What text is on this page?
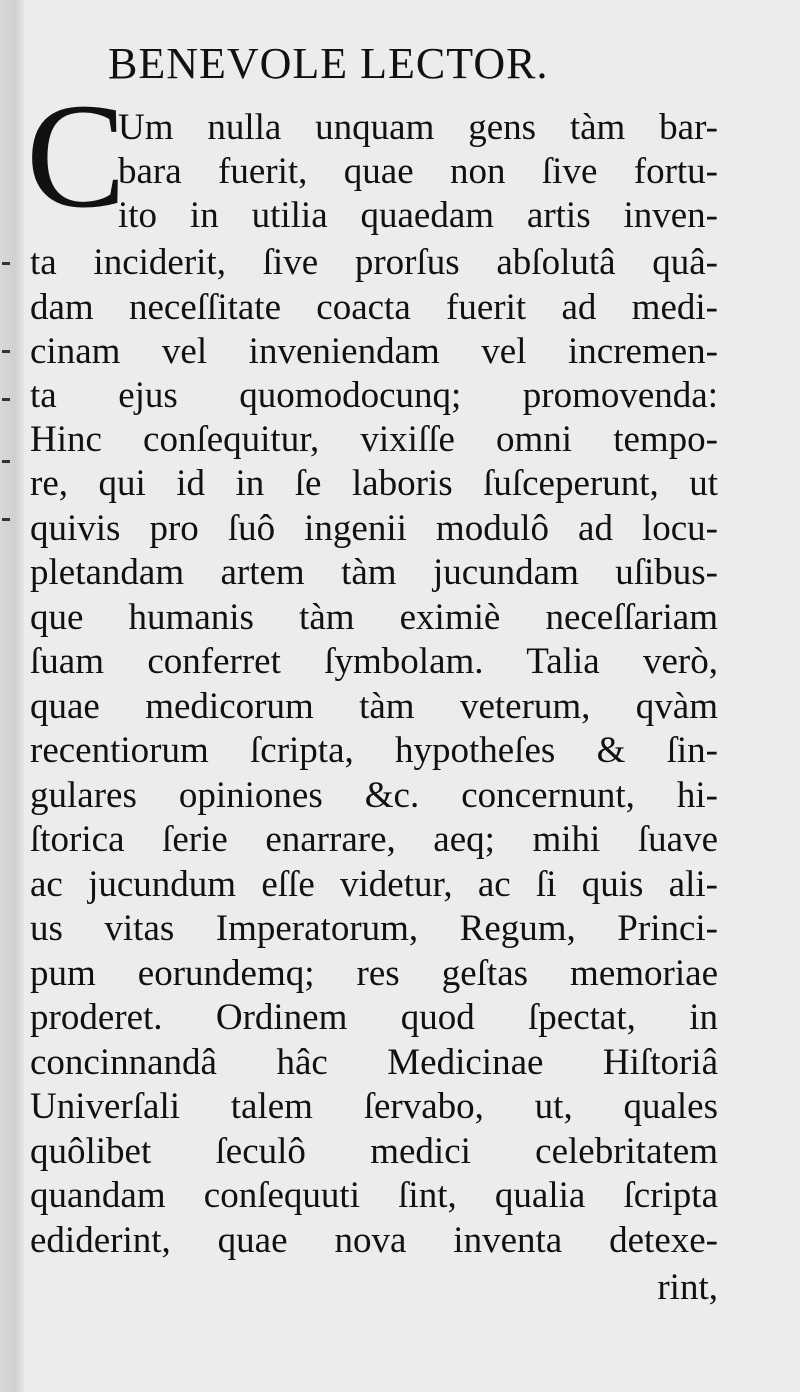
BENEVOLE LECTOR.
C
Um nulla unquam gens tàm bar-
bara fuerit, quae non ſive fortu-
ito in utilia quaedam artis inven-
ta inciderit, ſive prorſus abſolutâ quâ-
dam neceſſitate coacta fuerit ad medi-
cinam vel inveniendam vel incremen-
ta ejus quomodocunq; promovenda:
Hinc conſequitur, vixiſſe omni tempo-
re, qui id in ſe laboris ſuſceperunt, ut
quivis pro ſuô ingenii modulô ad locu-
pletandam artem tàm jucundam uſibus-
que humanis tàm eximiè neceſſariam
ſuam conferret ſymbolam. Talia verò,
quae medicorum tàm veterum, qvàm
recentiorum ſcripta, hypotheſes & ſin-
gulares opiniones &c. concernunt, hi-
ſtorica ſerie enarrare, aeq; mihi ſuave
ac jucundum eſſe videtur, ac ſi quis ali-
us vitas Imperatorum, Regum, Princi-
pum eorundemq; res geſtas memoriae
proderet. Ordinem quod ſpectat, in
concinnandâ hâc Medicinae Hiſtoriâ
Univerſali talem ſervabo, ut, quales
quôlibet ſeculô medici celebritatem
quandam conſequuti ſint, qualia ſcripta
ediderint, quae nova inventa detexe-
rint,
